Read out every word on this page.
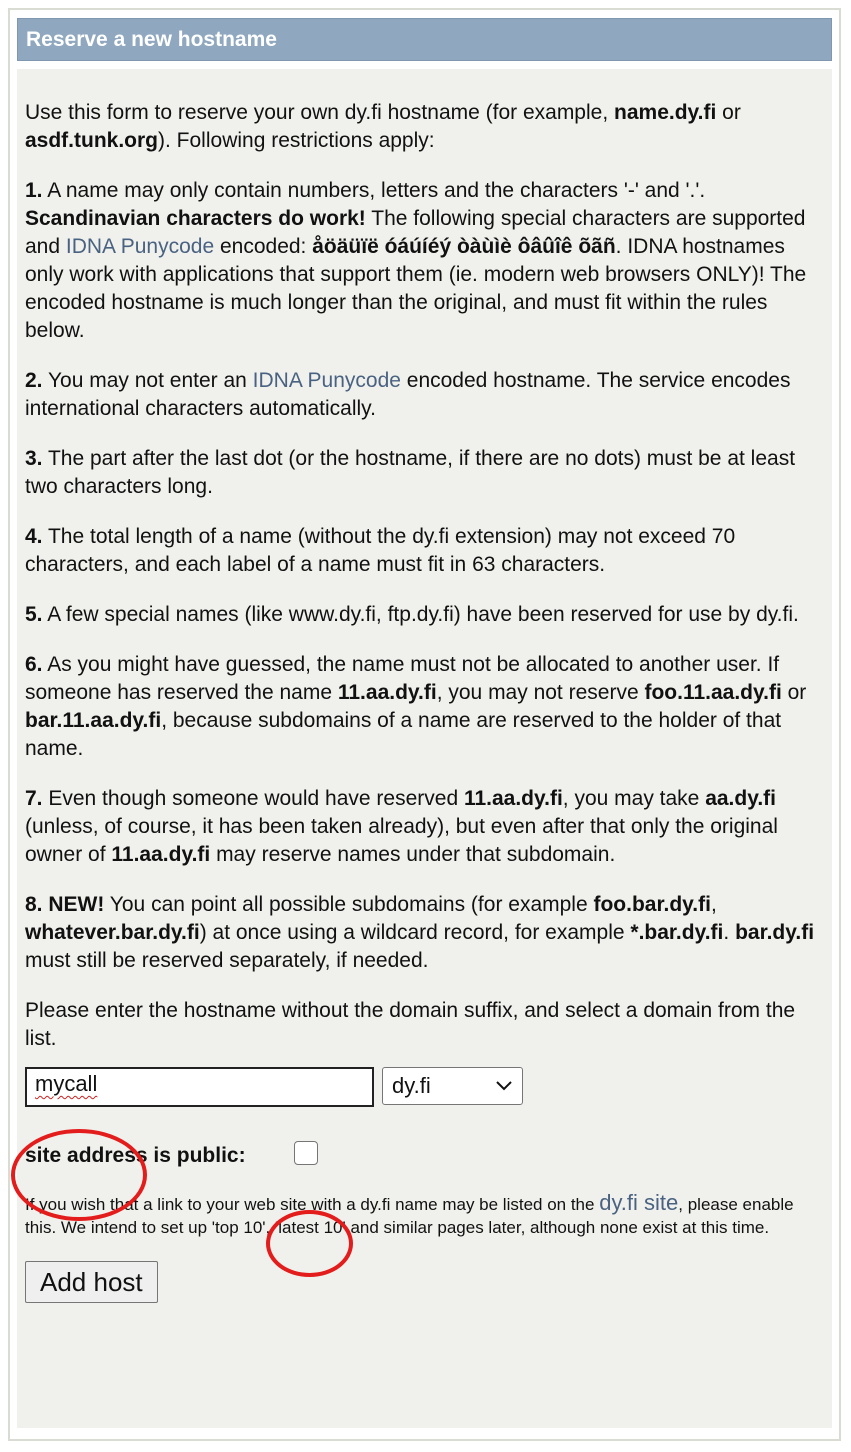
Reserve a new hostname

Use this form to reserve your own dy.fi hostname (for example, name.dy.fi or asdf.tunk.org). Following restrictions apply:

1. A name may only contain numbers, letters and the characters '-' and '.'. Scandinavian characters do work! The following special characters are supported and IDNA Punycode encoded: åöäüïë óáúíéý òàùìè ôâûîê õãñ. IDNA hostnames only work with applications that support them (ie. modern web browsers ONLY)! The encoded hostname is much longer than the original, and must fit within the rules below.

2. You may not enter an IDNA Punycode encoded hostname. The service encodes international characters automatically.

3. The part after the last dot (or the hostname, if there are no dots) must be at least two characters long.

4. The total length of a name (without the dy.fi extension) may not exceed 70 characters, and each label of a name must fit in 63 characters.

5. A few special names (like www.dy.fi, ftp.dy.fi) have been reserved for use by dy.fi.

6. As you might have guessed, the name must not be allocated to another user. If someone has reserved the name 11.aa.dy.fi, you may not reserve foo.11.aa.dy.fi or bar.11.aa.dy.fi, because subdomains of a name are reserved to the holder of that name.

7. Even though someone would have reserved 11.aa.dy.fi, you may take aa.dy.fi (unless, of course, it has been taken already), but even after that only the original owner of 11.aa.dy.fi may reserve names under that subdomain.

8. NEW! You can point all possible subdomains (for example foo.bar.dy.fi, whatever.bar.dy.fi) at once using a wildcard record, for example *.bar.dy.fi. bar.dy.fi must still be reserved separately, if needed.

Please enter the hostname without the domain suffix, and select a domain from the list.

mycall	dy.fi
site address is public:

If you wish that a link to your web site with a dy.fi name may be listed on the dy.fi site, please enable this. We intend to set up 'top 10', 'latest 10' and similar pages later, although none exist at this time.

Add host
